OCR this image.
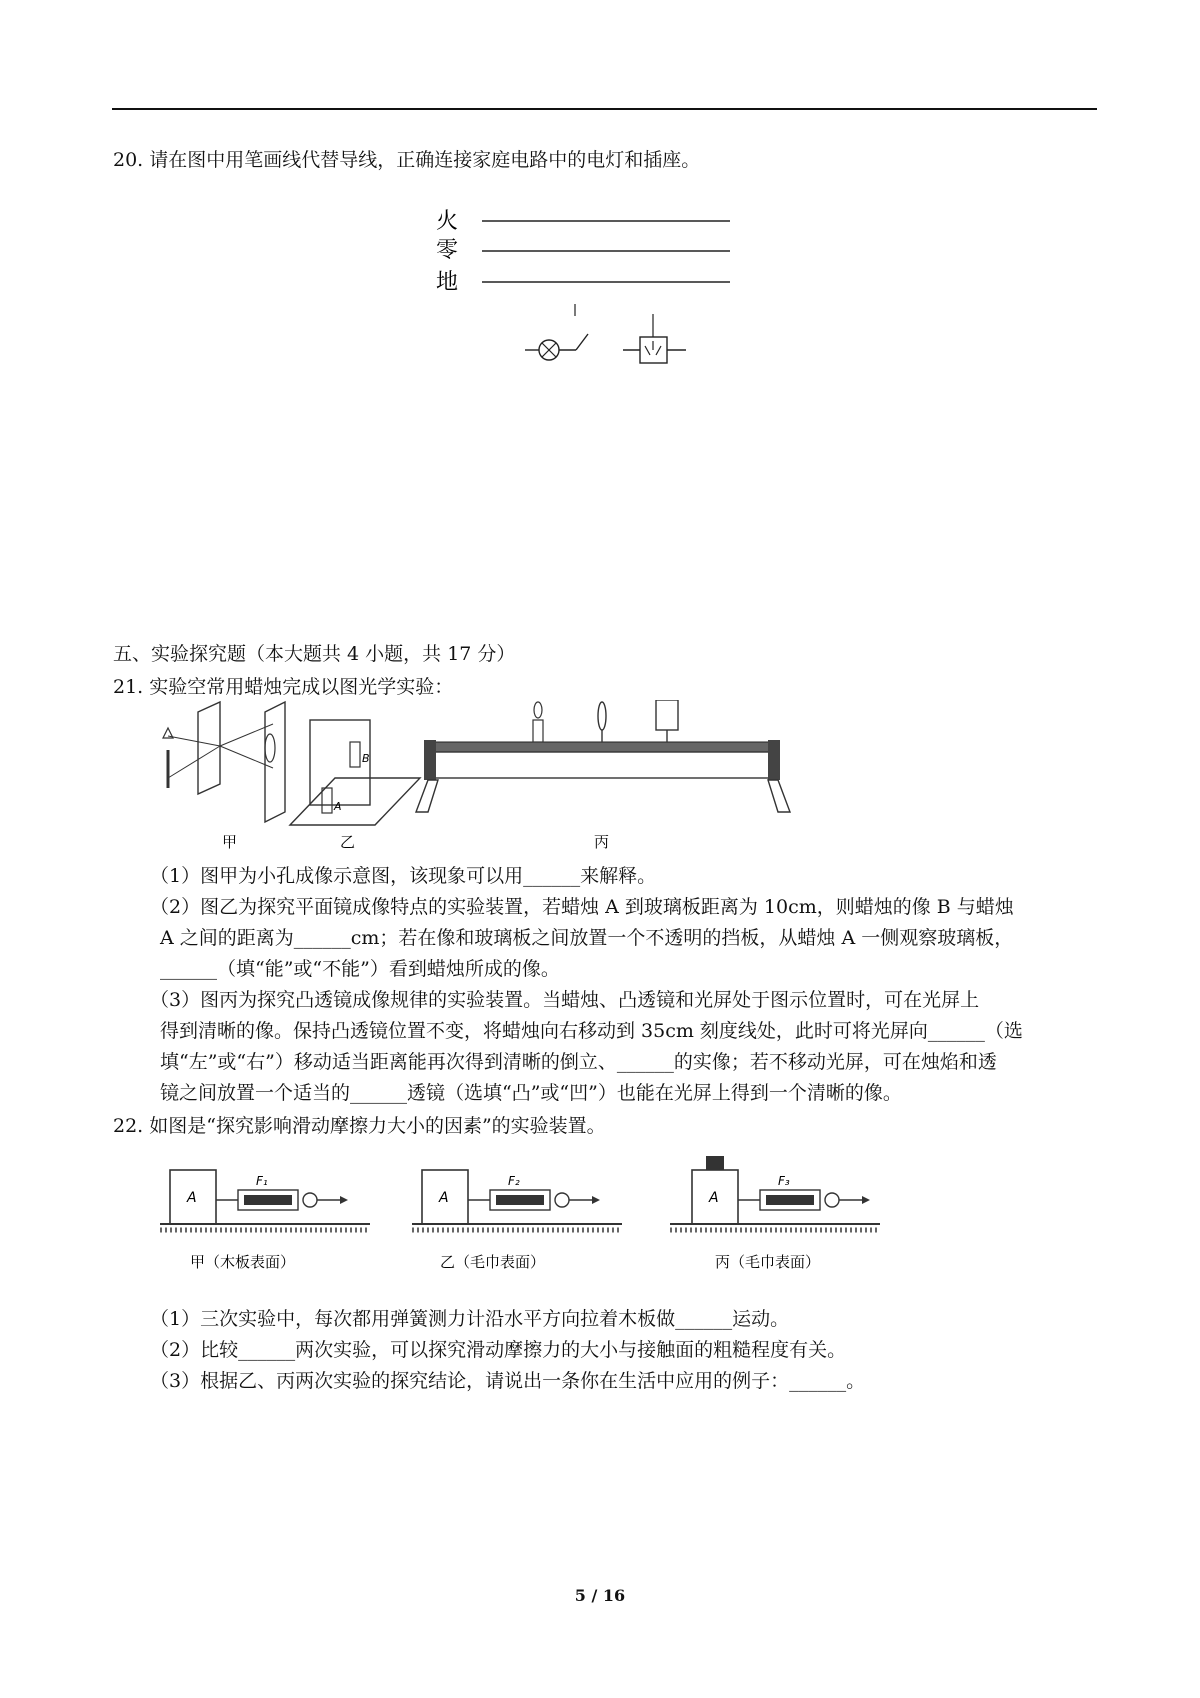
20. 请在图中用笔画线代替导线，正确连接家庭电路中的电灯和插座。
火
零
地
五、实验探究题（本大题共 4 小题，共 17 分）
21. 实验空常用蜡烛完成以图光学实验：
甲
B
A
乙	丙
（1）图甲为小孔成像示意图，该现象可以用______来解释。
（2）图乙为探究平面镜成像特点的实验装置，若蜡烛 A 到玻璃板距离为 10cm，则蜡烛的像 B 与蜡烛
A 之间的距离为______cm；若在像和玻璃板之间放置一个不透明的挡板，从蜡烛 A 一侧观察玻璃板，
______（填“能”或“不能”）看到蜡烛所成的像。
（3）图丙为探究凸透镜成像规律的实验装置。当蜡烛、凸透镜和光屏处于图示位置时，可在光屏上
得到清晰的像。保持凸透镜位置不变，将蜡烛向右移动到 35cm 刻度线处，此时可将光屏向______（选
填“左”或“右”）移动适当距离能再次得到清晰的倒立、______的实像；若不移动光屏，可在烛焰和透
镜之间放置一个适当的______透镜（选填“凸”或“凹”）也能在光屏上得到一个清晰的像。
22. 如图是“探究影响滑动摩擦力大小的因素”的实验装置。
A
F₁
甲（木板表面）
A
F₂
乙（毛巾表面）
A
F₃
丙（毛巾表面）
（1）三次实验中，每次都用弹簧测力计沿水平方向拉着木板做______运动。
（2）比较______两次实验，可以探究滑动摩擦力的大小与接触面的粗糙程度有关。
（3）根据乙、丙两次实验的探究结论，请说出一条你在生活中应用的例子：______。
5 / 16
